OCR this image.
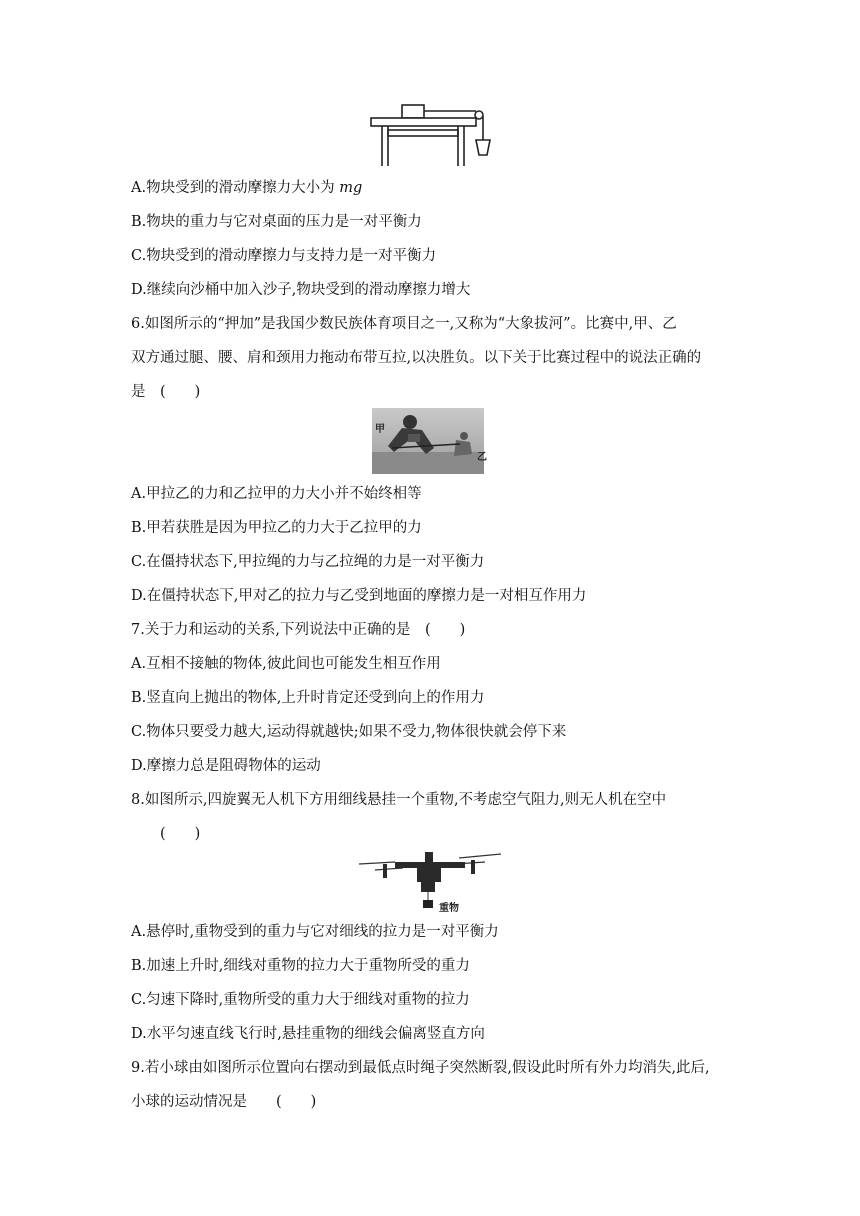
A.物块受到的滑动摩擦力大小为 mg
B.物块的重力与它对桌面的压力是一对平衡力
C.物块受到的滑动摩擦力与支持力是一对平衡力
D.继续向沙桶中加入沙子,物块受到的滑动摩擦力增大
6.如图所示的“押加”是我国少数民族体育项目之一,又称为“大象拔河”。比赛中,甲、乙
双方通过腿、腰、肩和颈用力拖动布带互拉,以决胜负。以下关于比赛过程中的说法正确的
是　(　　)
甲
乙
A.甲拉乙的力和乙拉甲的力大小并不始终相等
B.甲若获胜是因为甲拉乙的力大于乙拉甲的力
C.在僵持状态下,甲拉绳的力与乙拉绳的力是一对平衡力
D.在僵持状态下,甲对乙的拉力与乙受到地面的摩擦力是一对相互作用力
7.关于力和运动的关系,下列说法中正确的是　(　　)
A.互相不接触的物体,彼此间也可能发生相互作用
B.竖直向上抛出的物体,上升时肯定还受到向上的作用力
C.物体只要受力越大,运动得就越快;如果不受力,物体很快就会停下来
D.摩擦力总是阻碍物体的运动
8.如图所示,四旋翼无人机下方用细线悬挂一个重物,不考虑空气阻力,则无人机在空中
(　　)
重物
A.悬停时,重物受到的重力与它对细线的拉力是一对平衡力
B.加速上升时,细线对重物的拉力大于重物所受的重力
C.匀速下降时,重物所受的重力大于细线对重物的拉力
D.水平匀速直线飞行时,悬挂重物的细线会偏离竖直方向
9.若小球由如图所示位置向右摆动到最低点时绳子突然断裂,假设此时所有外力均消失,此后,
小球的运动情况是　　(　　)
